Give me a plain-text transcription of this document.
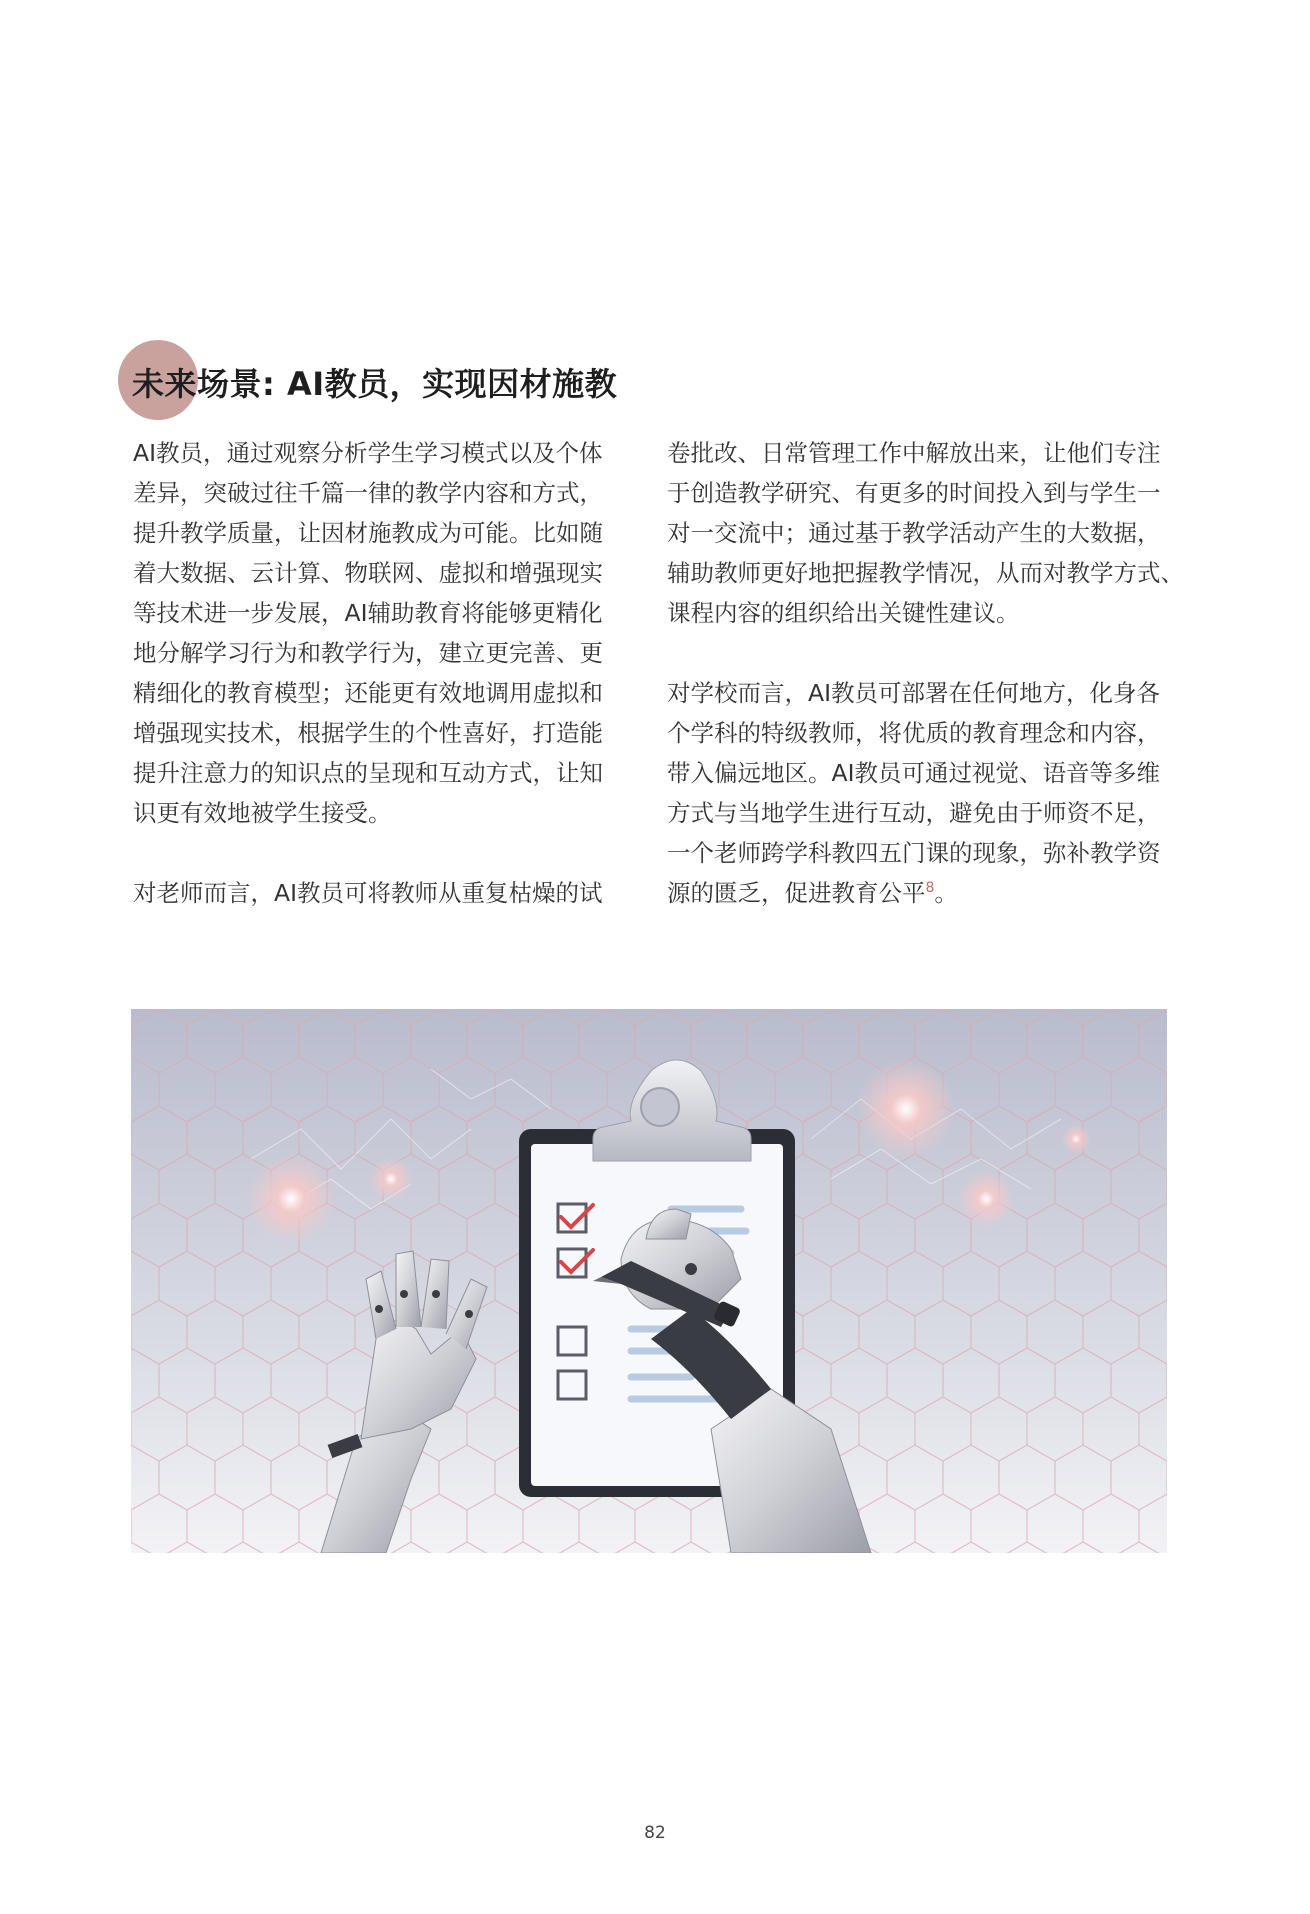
未来场景: AI教员，实现因材施教
AI教员，通过观察分析学生学习模式以及个体
差异，突破过往千篇一律的教学内容和方式，
提升教学质量，让因材施教成为可能。比如随
着大数据、云计算、物联网、虚拟和增强现实
等技术进一步发展，AI辅助教育将能够更精化
地分解学习行为和教学行为，建立更完善、更
精细化的教育模型；还能更有效地调用虚拟和
增强现实技术，根据学生的个性喜好，打造能
提升注意力的知识点的呈现和互动方式，让知
识更有效地被学生接受。
对老师而言，AI教员可将教师从重复枯燥的试
卷批改、日常管理工作中解放出来，让他们专注
于创造教学研究、有更多的时间投入到与学生一
对一交流中；通过基于教学活动产生的大数据，
辅助教师更好地把握教学情况，从而对教学方式、
课程内容的组织给出关键性建议。
对学校而言，AI教员可部署在任何地方，化身各
个学科的特级教师，将优质的教育理念和内容，
带入偏远地区。AI教员可通过视觉、语音等多维
方式与当地学生进行互动，避免由于师资不足，
一个老师跨学科教四五门课的现象，弥补教学资
源的匮乏，促进教育公平$^8$。
82
